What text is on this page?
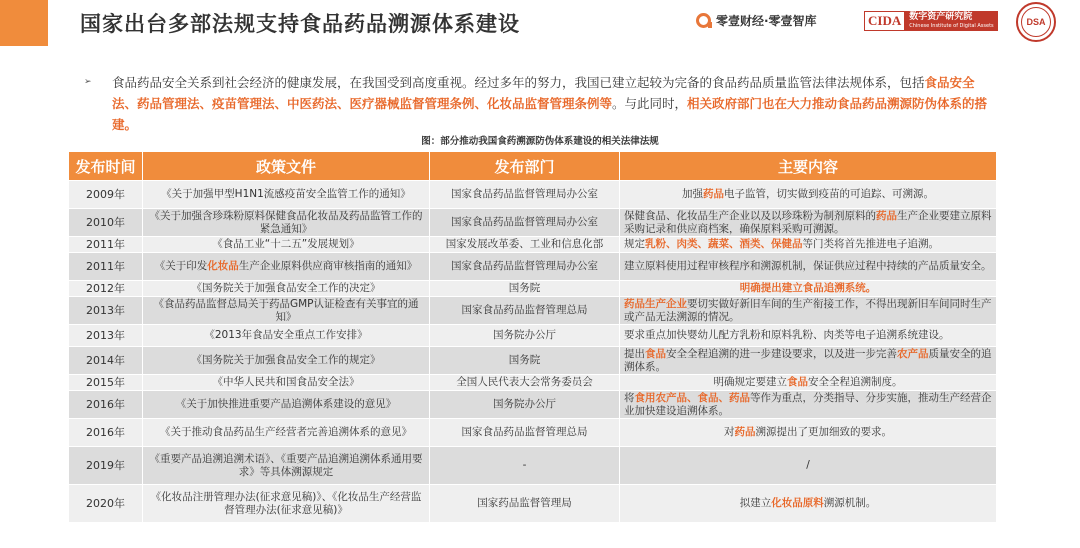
国家出台多部法规支持食品药品溯源体系建设	零壹财经·零壹智库	CIDA 数字资产研究院
Chinese Institute of Digital Assets	DSA
➢	食品药品安全关系到社会经济的健康发展，在我国受到高度重视。经过多年的努力，我国已建立起较为完备的食品药品质量监管法律法规体系，包括食品安全法、药品管理法、疫苗管理法、中医药法、医疗器械监督管理条例、化妆品监督管理条例等。与此同时，相关政府部门也在大力推动食品药品溯源防伪体系的搭建。
图：部分推动我国食药溯源防伪体系建设的相关法律法规
发布时间	政策文件	发布部门	主要内容
2009年	《关于加强甲型H1N1流感疫苗安全监管工作的通知》	国家食品药品监督管理局办公室	加强药品电子监管，切实做到疫苗的可追踪、可溯源。
2010年	《关于加强含珍珠粉原料保健食品化妆品及药品监管工作的紧急通知》	国家食品药品监督管理局办公室	保健食品、化妆品生产企业以及以珍珠粉为制剂原料的药品生产企业要建立原料采购记录和供应商档案，确保原料采购可溯源。
2011年	《食品工业“十二五”发展规划》	国家发展改革委、工业和信息化部	规定乳粉、肉类、蔬菜、酒类、保健品等门类将首先推进电子追溯。
2011年	《关于印发化妆品生产企业原料供应商审核指南的通知》	国家食品药品监督管理局办公室	建立原料使用过程审核程序和溯源机制，保证供应过程中持续的产品质量安全。
2012年	《国务院关于加强食品安全工作的决定》	国务院	明确提出建立食品追溯系统。
2013年	《食品药品监督总局关于药品GMP认证检查有关事宜的通知》	国家食品药品监督管理总局	药品生产企业要切实做好新旧车间的生产衔接工作，不得出现新旧车间同时生产或产品无法溯源的情况。
2013年	《2013年食品安全重点工作安排》	国务院办公厅	要求重点加快婴幼儿配方乳粉和原料乳粉、肉类等电子追溯系统建设。
2014年	《国务院关于加强食品安全工作的规定》	国务院	提出食品安全全程追溯的进一步建设要求，以及进一步完善农产品质量安全的追溯体系。
2015年	《中华人民共和国食品安全法》	全国人民代表大会常务委员会	明确规定要建立食品安全全程追溯制度。
2016年	《关于加快推进重要产品追溯体系建设的意见》	国务院办公厅	将食用农产品、食品、药品等作为重点，分类指导、分步实施，推动生产经营企业加快建设追溯体系。
2016年	《关于推动食品药品生产经营者完善追溯体系的意见》	国家食品药品监督管理总局	对药品溯源提出了更加细致的要求。
2019年	《重要产品追溯追溯术语》、《重要产品追溯追溯体系通用要求》等具体溯源规定	-	/
2020年	《化妆品注册管理办法(征求意见稿)》、《化妆品生产经营监督管理办法(征求意见稿)》	国家药品监督管理局	拟建立化妆品原料溯源机制。
